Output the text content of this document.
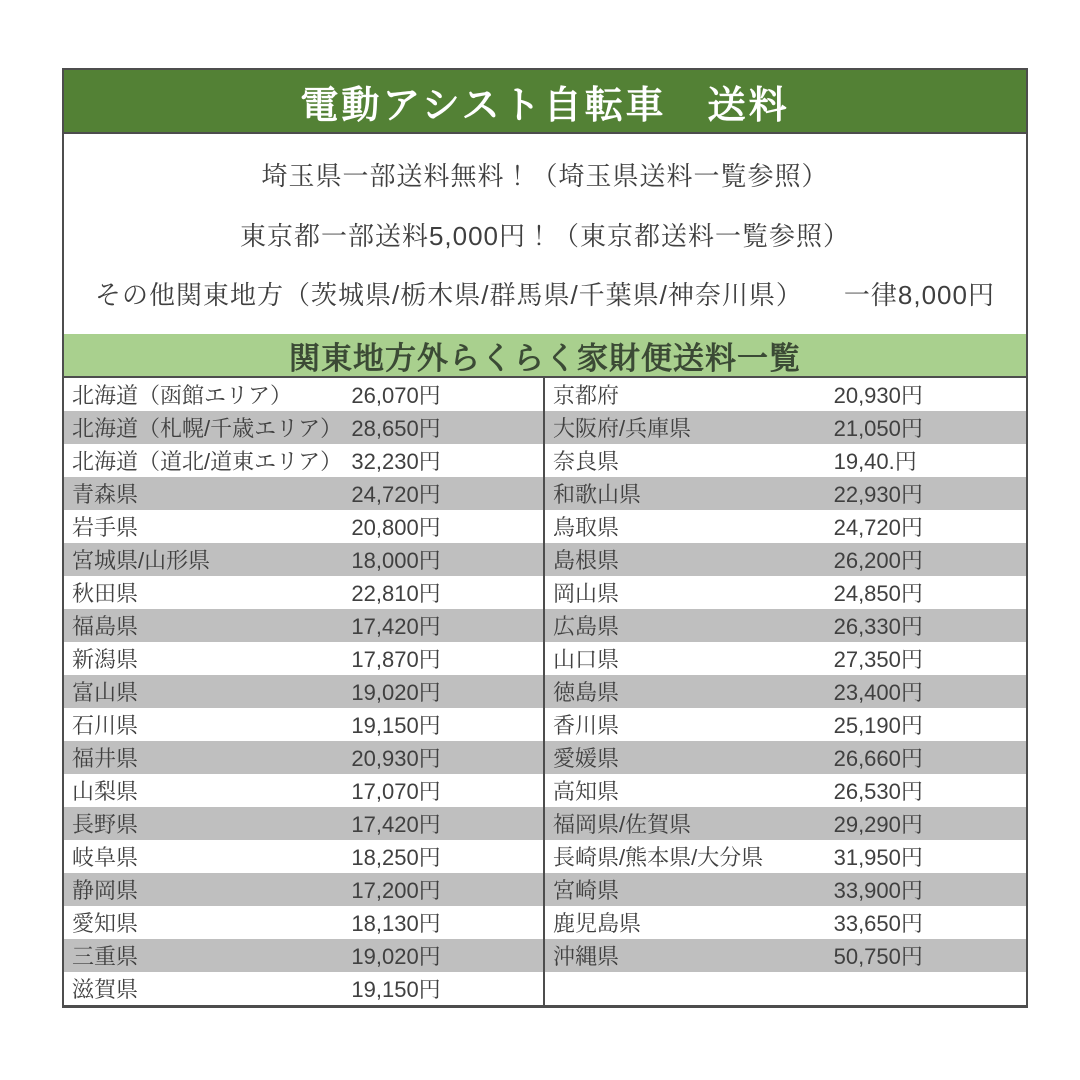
電動アシスト自転車　送料
埼玉県一部送料無料！（埼玉県送料一覧参照）
東京都一部送料5,000円！（東京都送料一覧参照）
その他関東地方（茨城県/栃木県/群馬県/千葉県/神奈川県）　　一律8,000円
関東地方外らくらく家財便送料一覧
北海道（函館エリア）	26,070円
北海道（札幌/千歳エリア） 28,650円
北海道（道北/道東エリア） 32,230円
青森県	24,720円
岩手県	20,800円
宮城県/山形県	18,000円
秋田県	22,810円
福島県	17,420円
新潟県	17,870円
富山県	19,020円
石川県	19,150円
福井県	20,930円
山梨県	17,070円
長野県	17,420円
岐阜県	18,250円
静岡県	17,200円
愛知県	18,130円
三重県	19,020円
滋賀県	19,150円
京都府	20,930円
大阪府/兵庫県	21,050円
奈良県	19,40.円
和歌山県	22,930円
鳥取県	24,720円
島根県	26,200円
岡山県	24,850円
広島県	26,330円
山口県	27,350円
徳島県	23,400円
香川県	25,190円
愛媛県	26,660円
高知県	26,530円
福岡県/佐賀県	29,290円
長崎県/熊本県/大分県	31,950円
宮崎県	33,900円
鹿児島県	33,650円
沖縄県	50,750円
